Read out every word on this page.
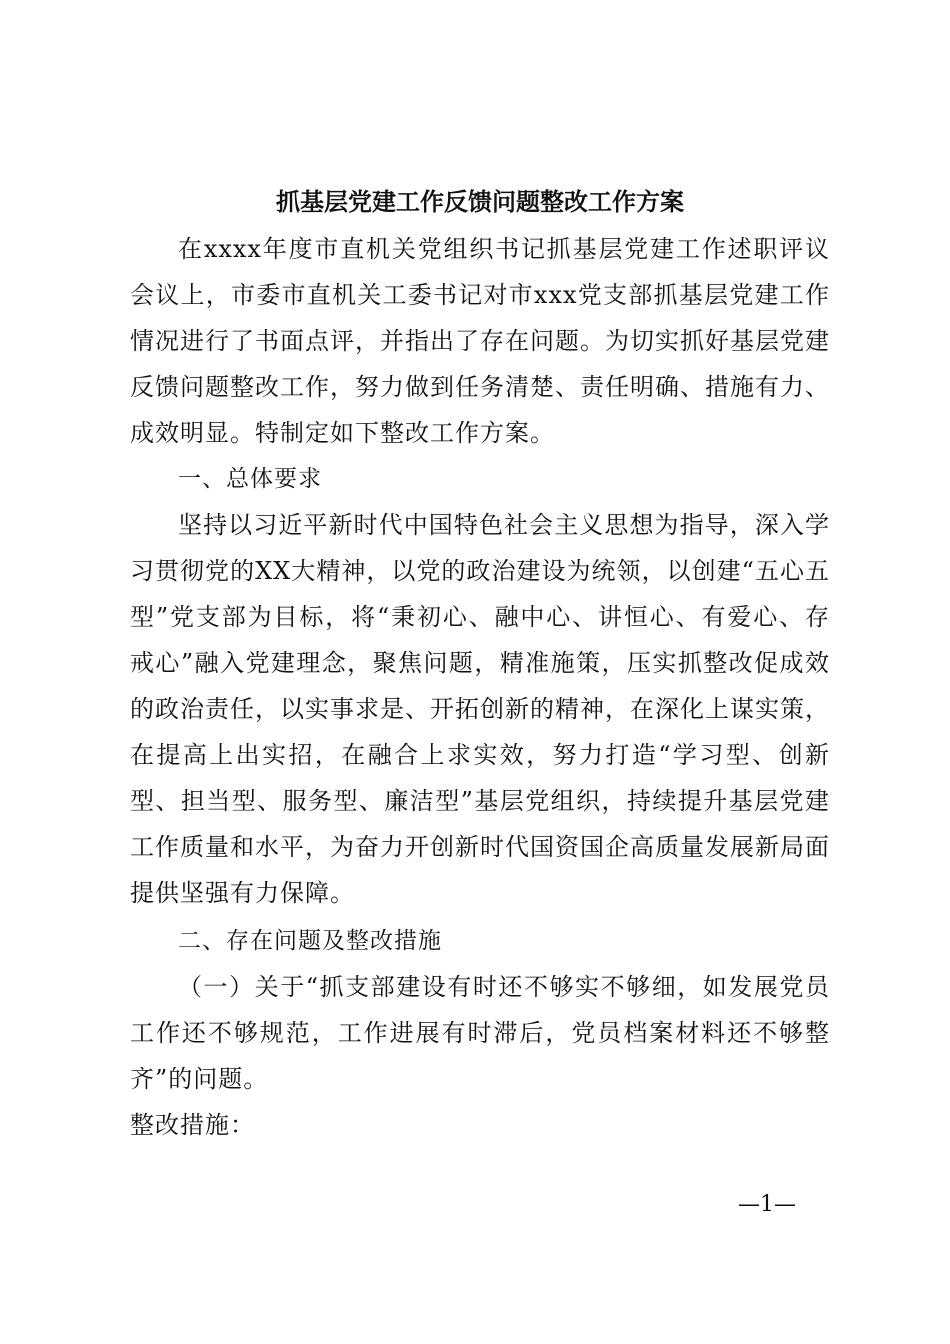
抓基层党建工作反馈问题整改工作方案

在xxxx年度市直机关党组织书记抓基层党建工作述职评议会议上，市委市直机关工委书记对市xxx党支部抓基层党建工作情况进行了书面点评，并指出了存在问题。为切实抓好基层党建反馈问题整改工作，努力做到任务清楚、责任明确、措施有力、成效明显。特制定如下整改工作方案。

一、总体要求

坚持以习近平新时代中国特色社会主义思想为指导，深入学习贯彻党的XX大精神，以党的政治建设为统领，以创建“五心五型”党支部为目标，将“秉初心、融中心、讲恒心、有爱心、存戒心”融入党建理念，聚焦问题，精准施策，压实抓整改促成效的政治责任，以实事求是、开拓创新的精神，在深化上谋实策，在提高上出实招，在融合上求实效，努力打造“学习型、创新型、担当型、服务型、廉洁型”基层党组织，持续提升基层党建工作质量和水平，为奋力开创新时代国资国企高质量发展新局面提供坚强有力保障。

二、存在问题及整改措施

（一）关于“抓支部建设有时还不够实不够细，如发展党员工作还不够规范，工作进展有时滞后，党员档案材料还不够整齐”的问题。

整改措施：

—1—
